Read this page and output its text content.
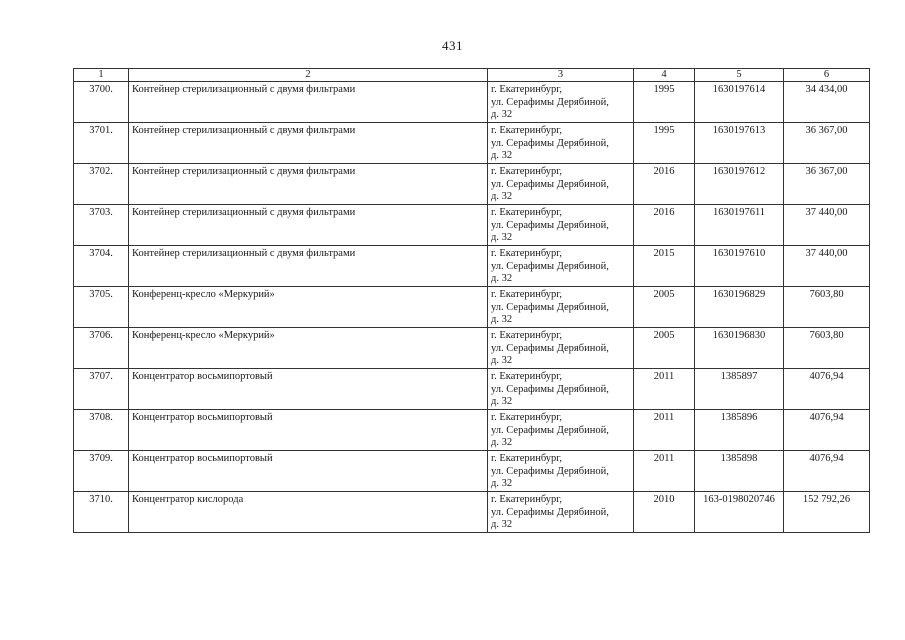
431
1	2	3	4	5	6
3700.	Контейнер стерилизационный с двумя фильтрами	г. Екатеринбург,
ул. Серафимы Дерябиной,
д. 32	1995	1630197614	34 434,00
3701.	Контейнер стерилизационный с двумя фильтрами	г. Екатеринбург,
ул. Серафимы Дерябиной,
д. 32	1995	1630197613	36 367,00
3702.	Контейнер стерилизационный с двумя фильтрами	г. Екатеринбург,
ул. Серафимы Дерябиной,
д. 32	2016	1630197612	36 367,00
3703.	Контейнер стерилизационный с двумя фильтрами	г. Екатеринбург,
ул. Серафимы Дерябиной,
д. 32	2016	1630197611	37 440,00
3704.	Контейнер стерилизационный с двумя фильтрами	г. Екатеринбург,
ул. Серафимы Дерябиной,
д. 32	2015	1630197610	37 440,00
3705.	Конференц-кресло «Меркурий»	г. Екатеринбург,
ул. Серафимы Дерябиной,
д. 32	2005	1630196829	7603,80
3706.	Конференц-кресло «Меркурий»	г. Екатеринбург,
ул. Серафимы Дерябиной,
д. 32	2005	1630196830	7603,80
3707.	Концентратор восьмипортовый	г. Екатеринбург,
ул. Серафимы Дерябиной,
д. 32	2011	1385897	4076,94
3708.	Концентратор восьмипортовый	г. Екатеринбург,
ул. Серафимы Дерябиной,
д. 32	2011	1385896	4076,94
3709.	Концентратор восьмипортовый	г. Екатеринбург,
ул. Серафимы Дерябиной,
д. 32	2011	1385898	4076,94
3710.	Концентратор кислорода	г. Екатеринбург,
ул. Серафимы Дерябиной,
д. 32	2010	163-0198020746	152 792,26
